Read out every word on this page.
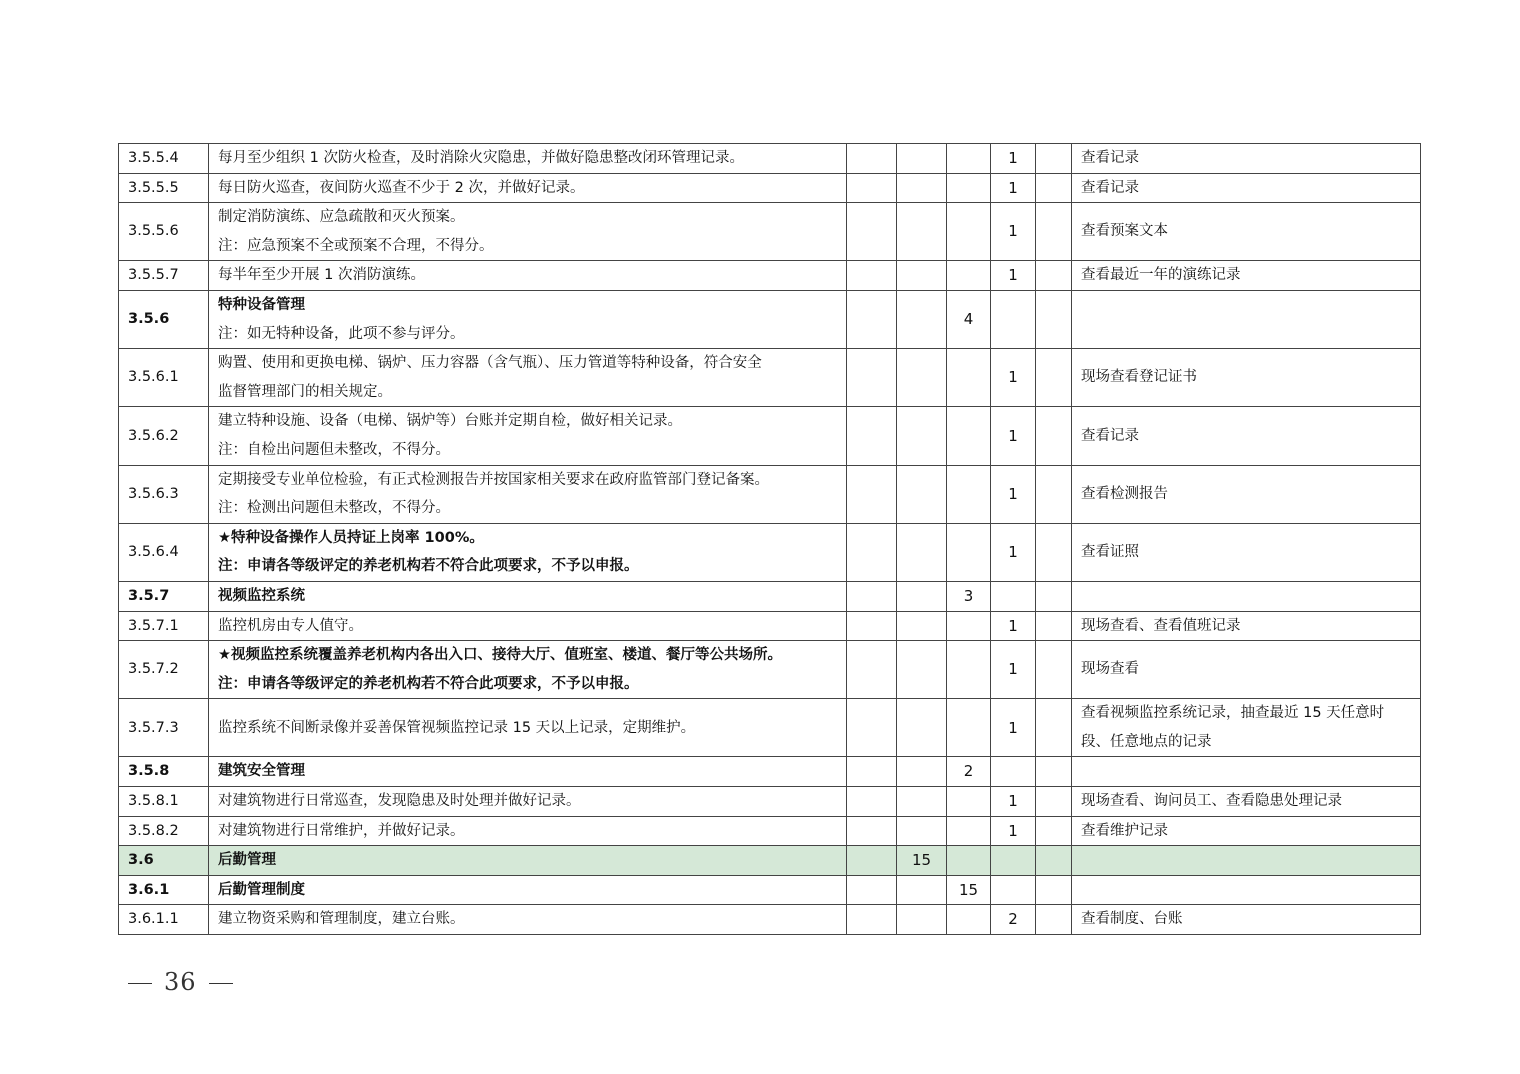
3.5.5.4	每月至少组织 1 次防火检查，及时消除火灾隐患，并做好隐患整改闭环管理记录。				1		查看记录

3.5.5.5	每日防火巡查，夜间防火巡查不少于 2 次，并做好记录。				1		查看记录

3.5.5.6	制定消防演练、应急疏散和灭火预案。
注：应急预案不全或预案不合理，不得分。				1		查看预案文本

3.5.5.7	每半年至少开展 1 次消防演练。				1		查看最近一年的演练记录

3.5.6	特种设备管理
注：如无特种设备，此项不参与评分。			4			
3.5.6.1	购置、使用和更换电梯、锅炉、压力容器（含气瓶）、压力管道等特种设备，符合安全
监督管理部门的相关规定。				1		现场查看登记证书

3.5.6.2	建立特种设施、设备（电梯、锅炉等）台账并定期自检，做好相关记录。
注：自检出问题但未整改，不得分。				1		查看记录

3.5.6.3	定期接受专业单位检验，有正式检测报告并按国家相关要求在政府监管部门登记备案。
注：检测出问题但未整改，不得分。				1		查看检测报告

3.5.6.4	★特种设备操作人员持证上岗率 100%。
注：申请各等级评定的养老机构若不符合此项要求，不予以申报。				1		查看证照

3.5.7	视频监控系统			3			
3.5.7.1	监控机房由专人值守。				1		现场查看、查看值班记录

3.5.7.2	★视频监控系统覆盖养老机构内各出入口、接待大厅、值班室、楼道、餐厅等公共场所。
注：申请各等级评定的养老机构若不符合此项要求，不予以申报。				1		现场查看

3.5.7.3	监控系统不间断录像并妥善保管视频监控记录 15 天以上记录，定期维护。				1		查看视频监控系统记录，抽查最近 15 天任意时
段、任意地点的记录

3.5.8	建筑安全管理			2			
3.5.8.1	对建筑物进行日常巡查，发现隐患及时处理并做好记录。				1		现场查看、询问员工、查看隐患处理记录

3.5.8.2	对建筑物进行日常维护，并做好记录。				1		查看维护记录

3.6	后勤管理		15				
3.6.1	后勤管理制度			15			
3.6.1.1	建立物资采购和管理制度，建立台账。				2		查看制度、台账
36
